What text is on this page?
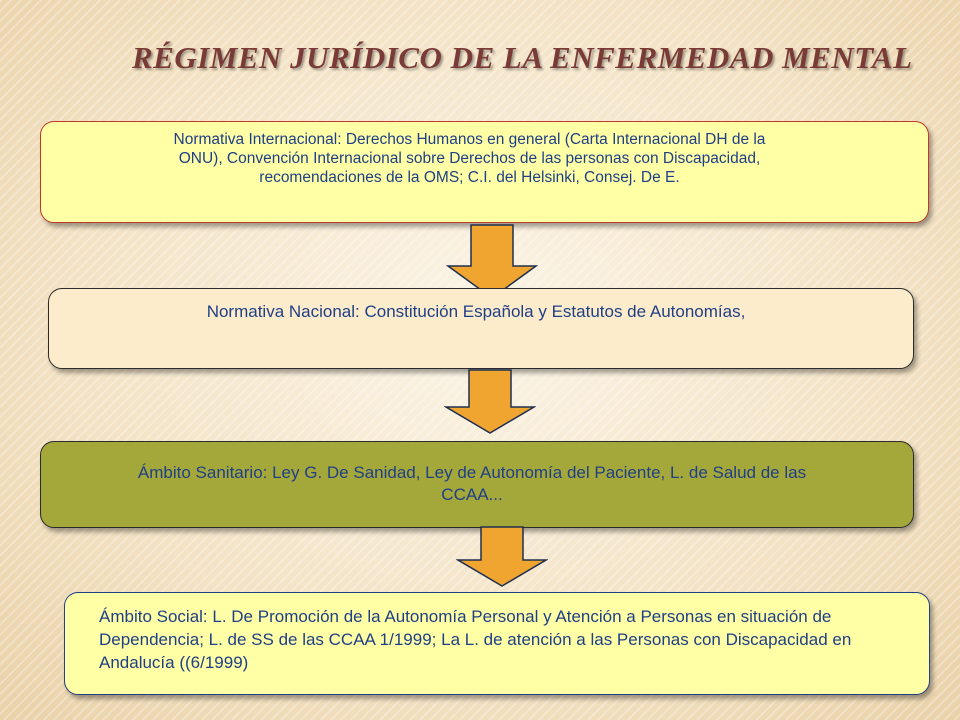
RÉGIMEN JURÍDICO DE LA ENFERMEDAD MENTAL
Normativa Internacional: Derechos Humanos en general (Carta Internacional DH de la ONU), Convención Internacional sobre Derechos de las personas con Discapacidad, recomendaciones de la OMS; C.I. del Helsinki, Consej. De E.
Normativa Nacional: Constitución Española y Estatutos de Autonomías,
Ámbito Sanitario: Ley G. De Sanidad, Ley de Autonomía del Paciente, L. de Salud de las CCAA...
Ámbito Social: L. De Promoción de la Autonomía Personal y Atención a Personas en situación de Dependencia; L. de SS de las CCAA 1/1999; La L. de atención a las Personas con Discapacidad en Andalucía ((6/1999)
